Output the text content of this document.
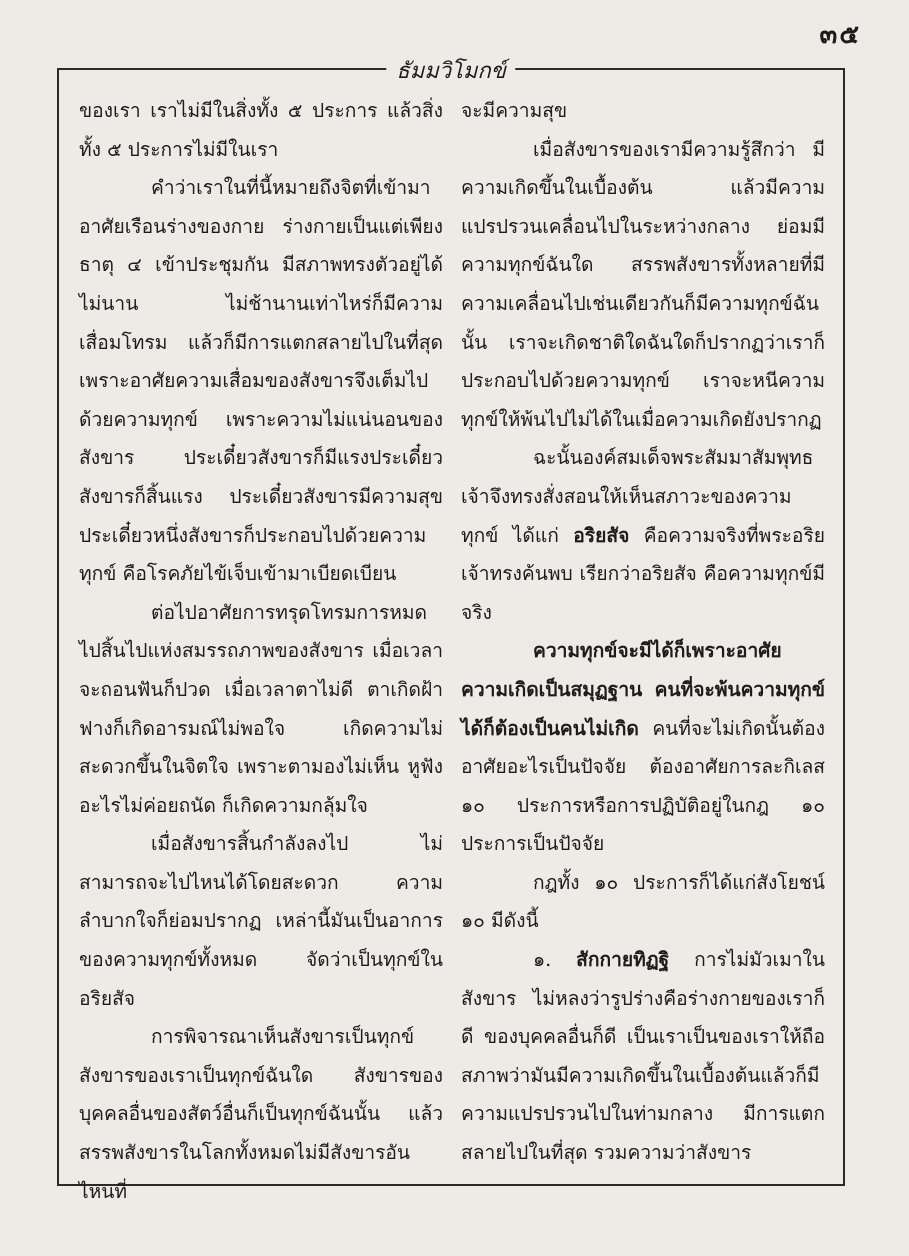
๓๕
ธัมมวิโมกข์

ของเรา เราไม่มีในสิ่งทั้ง ๕ ประการ แล้วสิ่งทั้ง ๕ ประการไม่มีในเรา

คำว่าเราในที่นี้หมายถึงจิตที่เข้ามาอาศัยเรือนร่างของกาย ร่างกายเป็นแต่เพียงธาตุ ๔ เข้าประชุมกัน มีสภาพทรงตัวอยู่ได้ไม่นาน ไม่ช้านานเท่าไหร่ก็มีความเสื่อมโทรม แล้วก็มีการแตกสลายไปในที่สุด เพราะอาศัยความเสื่อมของสังขารจึงเต็มไปด้วยความทุกข์ เพราะความไม่แน่นอนของสังขาร ประเดี๋ยวสังขารก็มีแรงประเดี๋ยวสังขารก็สิ้นแรง ประเดี๋ยวสังขารมีความสุข ประเดี๋ยวหนึ่งสังขารก็ประกอบไปด้วยความทุกข์ คือโรคภัยไข้เจ็บเข้ามาเบียดเบียน

ต่อไปอาศัยการทรุดโทรมการหมดไปสิ้นไปแห่งสมรรถภาพของสังขาร เมื่อเวลาจะถอนฟันก็ปวด เมื่อเวลาตาไม่ดี ตาเกิดฝ้าฟางก็เกิดอารมณ์ไม่พอใจ เกิดความไม่สะดวกขึ้นในจิตใจ เพราะตามองไม่เห็น หูฟังอะไรไม่ค่อยถนัด ก็เกิดความกลุ้มใจ

เมื่อสังขารสิ้นกำลังลงไป ไม่สามารถจะไปไหนได้โดยสะดวก ความลำบากใจก็ย่อมปรากฏ เหล่านี้มันเป็นอาการของความทุกข์ทั้งหมด จัดว่าเป็นทุกข์ในอริยสัจ

การพิจารณาเห็นสังขารเป็นทุกข์ สังขารของเราเป็นทุกข์ฉันใด สังขารของบุคคลอื่นของสัตว์อื่นก็เป็นทุกข์ฉันนั้น แล้วสรรพสังขารในโลกทั้งหมดไม่มีสังขารอันไหนที่

จะมีความสุข

เมื่อสังขารของเรามีความรู้สึกว่า มีความเกิดขึ้นในเบื้องต้น แล้วมีความแปรปรวนเคลื่อนไปในระหว่างกลาง ย่อมมีความทุกข์ฉันใด สรรพสังขารทั้งหลายที่มีความเคลื่อนไปเช่นเดียวกันก็มีความทุกข์ฉันนั้น เราจะเกิดชาติใดฉันใดก็ปรากฏว่าเราก็ประกอบไปด้วยความทุกข์ เราจะหนีความทุกข์ให้พ้นไปไม่ได้ในเมื่อความเกิดยังปรากฏ

ฉะนั้นองค์สมเด็จพระสัมมาสัมพุทธเจ้าจึงทรงสั่งสอนให้เห็นสภาวะของความทุกข์ ได้แก่ อริยสัจ คือความจริงที่พระอริยเจ้าทรงค้นพบ เรียกว่าอริยสัจ คือความทุกข์มีจริง

ความทุกข์จะมีได้ก็เพราะอาศัยความเกิดเป็นสมุฏฐาน คนที่จะพ้นความทุกข์ได้ก็ต้องเป็นคนไม่เกิด คนที่จะไม่เกิดนั้นต้องอาศัยอะไรเป็นปัจจัย ต้องอาศัยการละกิเลส ๑๐ ประการหรือการปฏิบัติอยู่ในกฎ ๑๐ ประการเป็นปัจจัย

กฎทั้ง ๑๐ ประการก็ได้แก่สังโยชน์ ๑๐ มีดังนี้

๑. สักกายทิฏฐิ การไม่มัวเมาในสังขาร ไม่หลงว่ารูปร่างคือร่างกายของเราก็ดี ของบุคคลอื่นก็ดี เป็นเราเป็นของเราให้ถือสภาพว่ามันมีความเกิดขึ้นในเบื้องต้นแล้วก็มีความแปรปรวนไปในท่ามกลาง มีการแตกสลายไปในที่สุด รวมความว่าสังขาร
